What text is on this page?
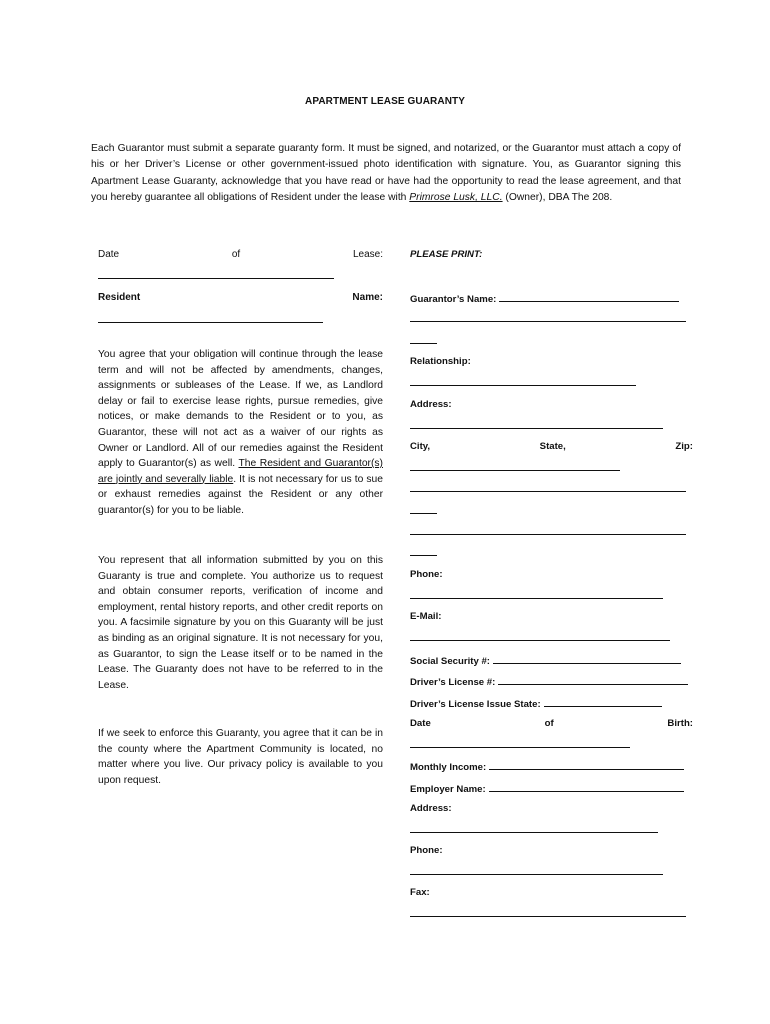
APARTMENT LEASE GUARANTY
Each Guarantor must submit a separate guaranty form. It must be signed, and notarized, or the Guarantor must attach a copy of his or her Driver’s License or other government-issued photo identification with signature. You, as Guarantor signing this Apartment Lease Guaranty, acknowledge that you have read or have had the opportunity to read the lease agreement, and that you hereby guarantee all obligations of Resident under the lease with Primrose Lusk, LLC. (Owner), DBA The 208.
Date	of	Lease:
Resident	Name:
You agree that your obligation will continue through the lease term and will not be affected by amendments, changes, assignments or subleases of the Lease. If we, as Landlord delay or fail to exercise lease rights, pursue remedies, give notices, or make demands to the Resident or to you, as Guarantor, these will not act as a waiver of our rights as Owner or Landlord. All of our remedies against the Resident apply to Guarantor(s) as well. The Resident and Guarantor(s) are jointly and severally liable. It is not necessary for us to sue or exhaust remedies against the Resident or any other guarantor(s) for you to be liable.
You represent that all information submitted by you on this Guaranty is true and complete. You authorize us to request and obtain consumer reports, verification of income and employment, rental history reports, and other credit reports on you. A facsimile signature by you on this Guaranty will be just as binding as an original signature. It is not necessary for you, as Guarantor, to sign the Lease itself or to be named in the Lease. The Guaranty does not have to be referred to in the Lease.
If we seek to enforce this Guaranty, you agree that it can be in the county where the Apartment Community is located, no matter where you live. Our privacy policy is available to you upon request.
PLEASE PRINT:
Guarantor’s Name:
Relationship:
Address:
City,	State,	Zip:
Phone:
E-Mail:
Social Security #:
Driver’s License #:
Driver’s License Issue State:
Date	of	Birth:
Monthly Income:
Employer Name:
Address:
Phone:
Fax:
